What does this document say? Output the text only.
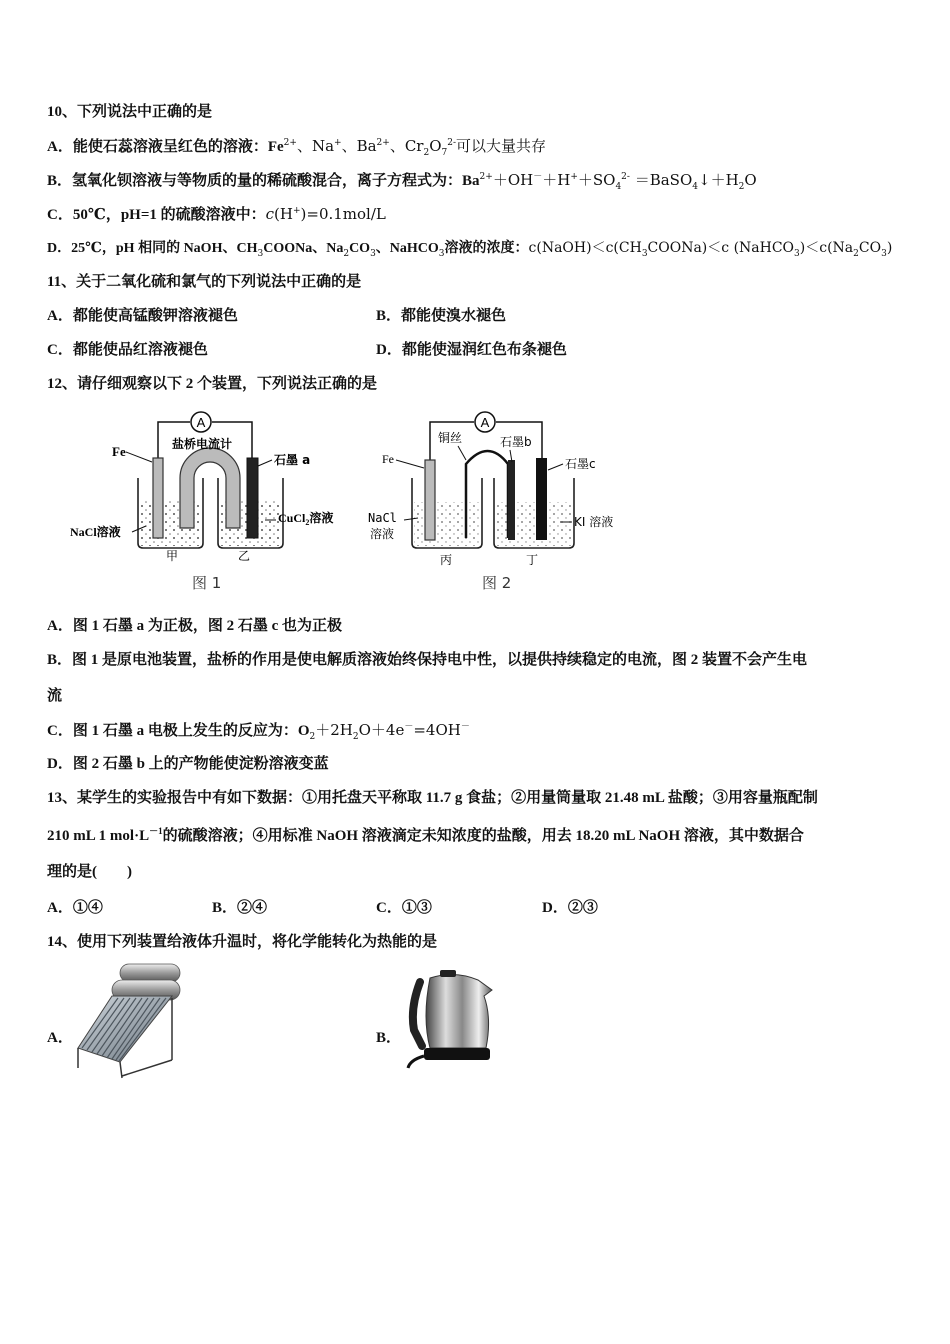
10、下列说法中正确的是
A．能使石蕊溶液呈红色的溶液：$Fe^{2+}$、Na+、$Ba^{2+}$、$Cr_2O_7^{2-}$可以大量共存
B．氢氧化钡溶液与等物质的量的稀硫酸混合，离子方程式为：$Ba^{2+}+OH^-+H^++SO_4^{2-}$ $=BaSO_4↓+H_2O$
C．50℃，pH=1 的硫酸溶液中：c(H+)=0.1mol/L
D．25℃，pH 相同的 NaOH、$CH_3COONa$、$Na_2CO_3$、NaHCO$_3$溶液的浓度：$c(NaOH)<c(CH_3COONa)<c$ $(NaHCO_3)<c(Na_2CO_3)$
11、关于二氧化硫和氯气的下列说法中正确的是
A．都能使高锰酸钾溶液褪色	B．都能使溴水褪色
C．都能使品红溶液褪色	D．都能使湿润红色布条褪色
12、请仔细观察以下 2 个装置，下列说法正确的是
A
Fe	盐桥电流计
石墨 a
CuCl$_2$溶液
NaCl溶液
甲	乙
图 1
A
铜丝	石墨b
Fe	石墨c
NaCl
溶液
KI 溶液
丙	丁
图 2
A．图 1 石墨 a 为正极，图 2 石墨 c 也为正极
B．图 1 是原电池装置，盐桥的作用是使电解质溶液始终保持电中性，以提供持续稳定的电流，图 2 装置不会产生电
流
C．图 1 石墨 a 电极上发生的反应为：$O_2+2H_2O+4e^-=4OH^-$
D．图 2 石墨 b 上的产物能使淀粉溶液变蓝
13、某学生的实验报告中有如下数据：①用托盘天平称取 11.7 g 食盐；②用量筒量取 21.48 mL 盐酸；③用容量瓶配制
210 mL 1 $mol\cdot L^{-1}$的硫酸溶液；④用标准 NaOH 溶液滴定未知浓度的盐酸，用去 18.20 mL NaOH 溶液，其中数据合
理的是(　　)
A．①④	B．②④	C．①③	D．②③
14、使用下列装置给液体升温时，将化学能转化为热能的是
A．	B．
